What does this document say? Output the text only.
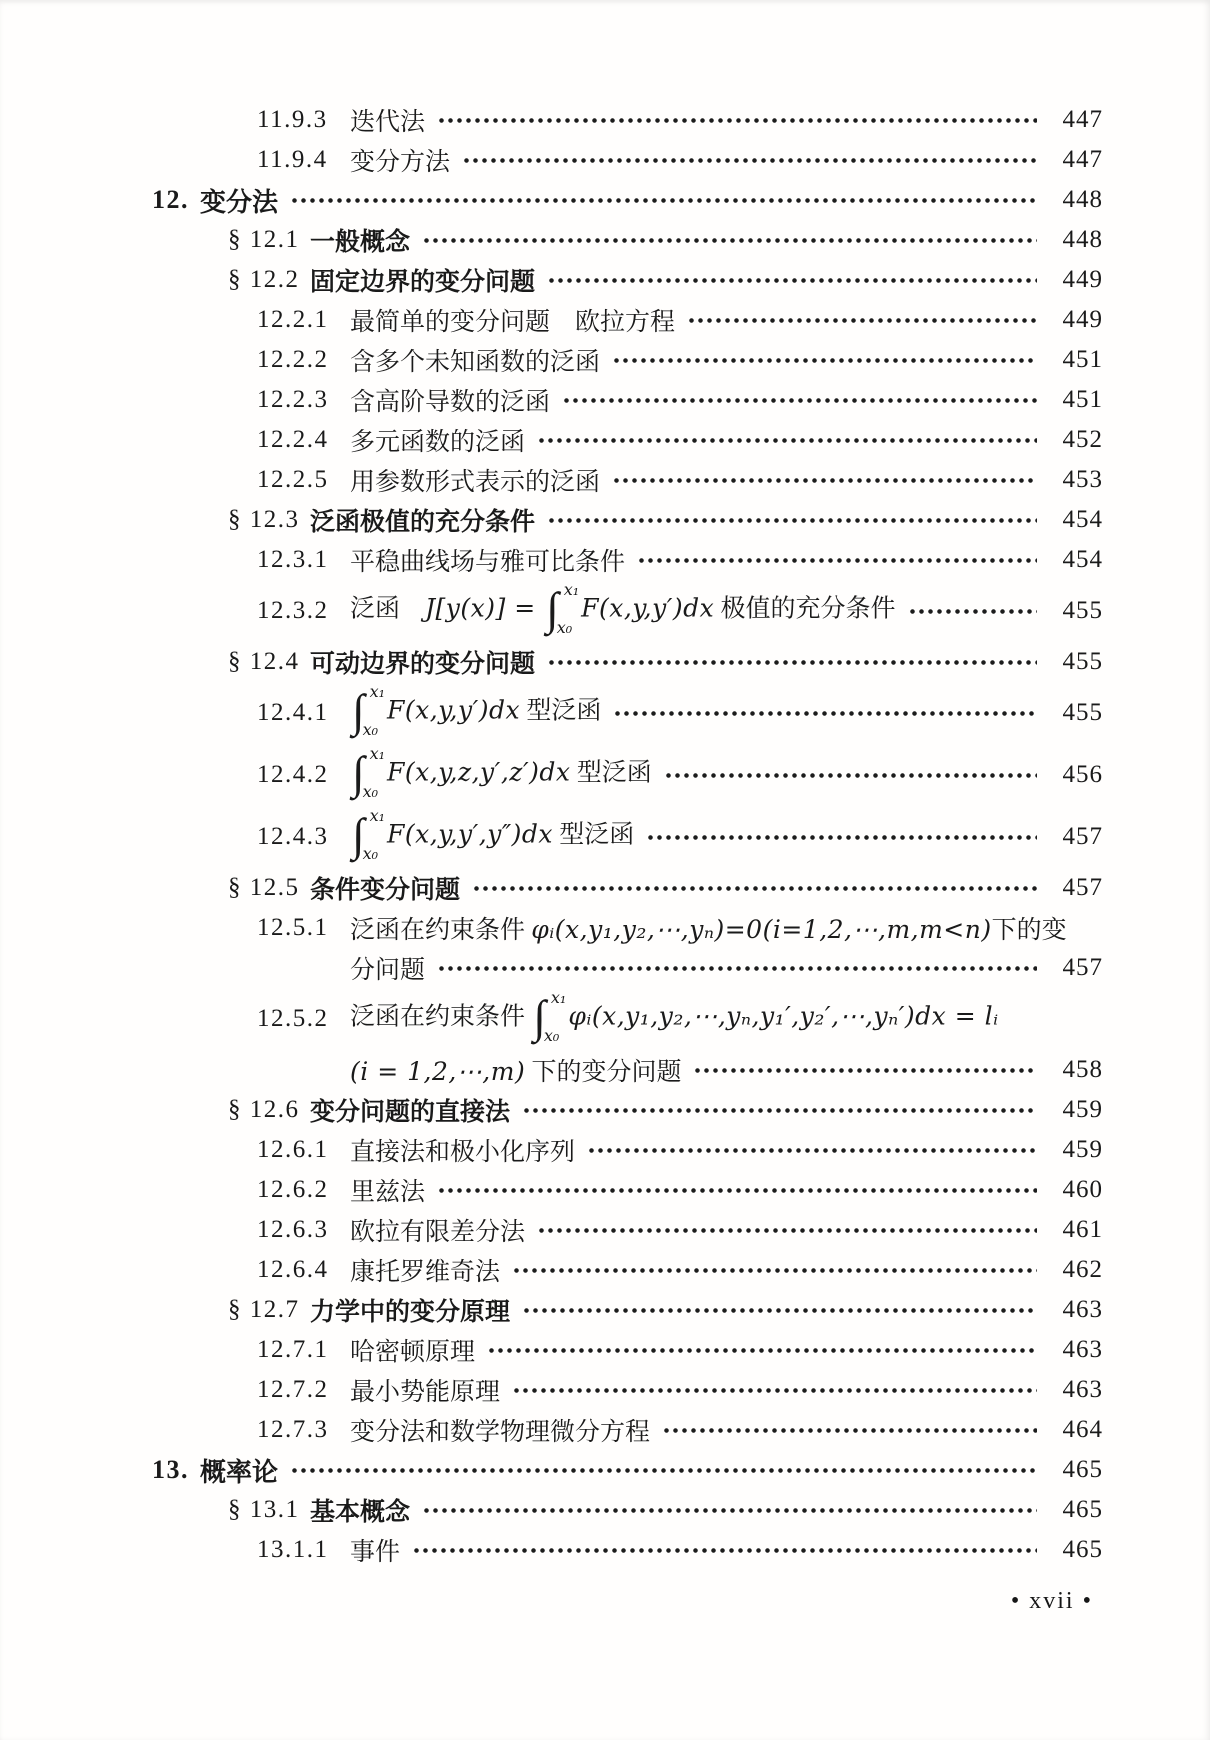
11.9.3 迭代法	447
11.9.4 变分方法	447
12. 变分法	448
§ 12.1 一般概念	448
§ 12.2 固定边界的变分问题	449
12.2.1 最简单的变分问题　欧拉方程	449
12.2.2 含多个未知函数的泛函	451
12.2.3 含高阶导数的泛函	451
12.2.4 多元函数的泛函	452
12.2.5 用参数形式表示的泛函	453
§ 12.3 泛函极值的充分条件	454
12.3.1 平稳曲线场与雅可比条件	454
12.3.2 泛函　J[y(x)] = ∫ x₁
x₀
F(x,y,y′)dx 极值的充分条件	455
§ 12.4 可动边界的变分问题	455
12.4.1 ∫ x₁
x₀
F(x,y,y′)dx 型泛函	455
12.4.2 ∫ x₁
x₀
F(x,y,z,y′,z′)dx 型泛函	456
12.4.3 ∫ x₁
x₀
F(x,y,y′,y″)dx 型泛函	457
§ 12.5 条件变分问题	457
12.5.1 泛函在约束条件 φᵢ(x,y₁,y₂,⋯,yₙ)=0(i=1,2,⋯,m,m<n)下的变
分问题	457
12.5.2 泛函在约束条件 ∫ x₁
x₀
φᵢ(x,y₁,y₂,⋯,yₙ,y₁′,y₂′,⋯,yₙ′)dx = lᵢ
(i = 1,2,⋯,m) 下的变分问题	458
§ 12.6 变分问题的直接法	459
12.6.1 直接法和极小化序列	459
12.6.2 里兹法	460
12.6.3 欧拉有限差分法	461
12.6.4 康托罗维奇法	462
§ 12.7 力学中的变分原理	463
12.7.1 哈密顿原理	463
12.7.2 最小势能原理	463
12.7.3 变分法和数学物理微分方程	464
13. 概率论	465
§ 13.1 基本概念	465
13.1.1 事件	465
• xvii •
